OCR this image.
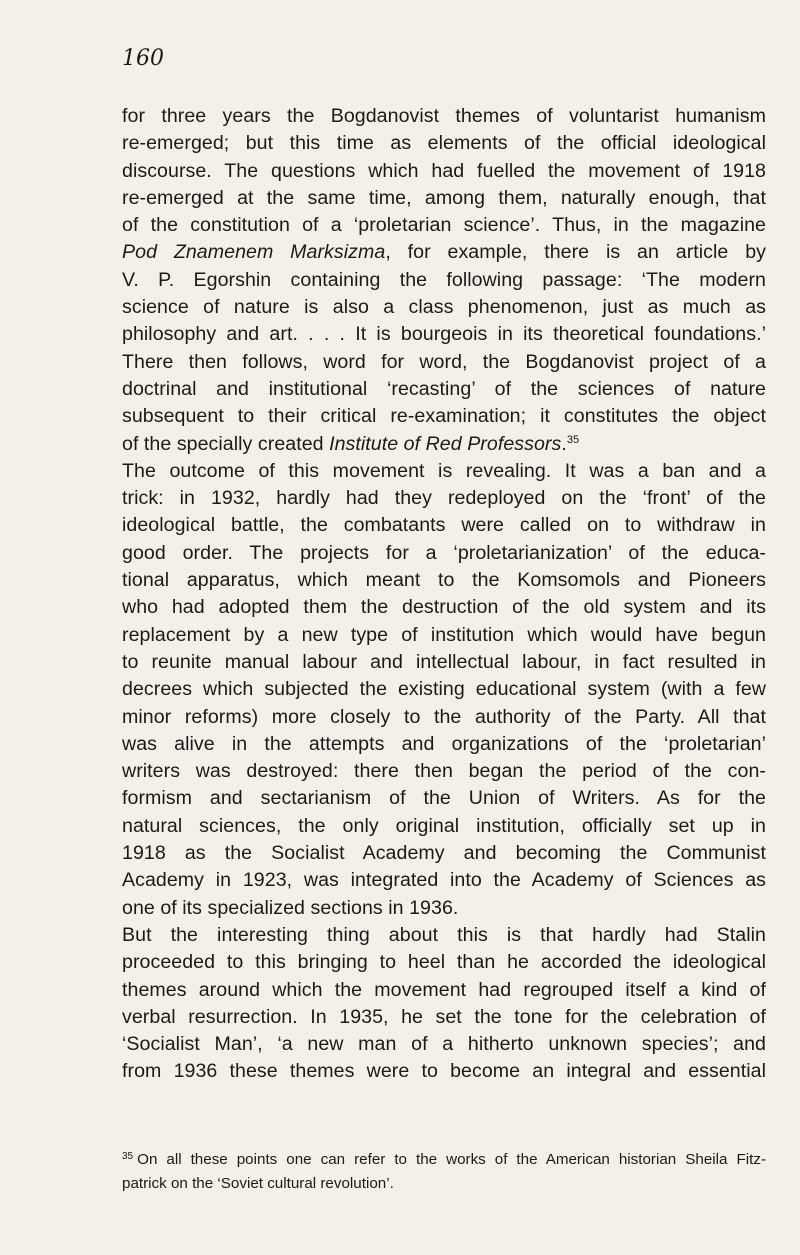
160
for three years the Bogdanovist themes of voluntarist humanism
re-emerged; but this time as elements of the official ideological
discourse. The questions which had fuelled the movement of 1918
re-emerged at the same time, among them, naturally enough, that
of the constitution of a ‘proletarian science’. Thus, in the magazine
Pod Znamenem Marksizma, for example, there is an article by
V. P. Egorshin containing the following passage: ‘The modern
science of nature is also a class phenomenon, just as much as
philosophy and art. . . . It is bourgeois in its theoretical foundations.’
There then follows, word for word, the Bogdanovist project of a
doctrinal and institutional ‘recasting’ of the sciences of nature
subsequent to their critical re-examination; it constitutes the object
of the specially created Institute of Red Professors.$^{35}$
The outcome of this movement is revealing. It was a ban and a
trick: in 1932, hardly had they redeployed on the ‘front’ of the
ideological battle, the combatants were called on to withdraw in
good order. The projects for a ‘proletarianization’ of the educa-
tional apparatus, which meant to the Komsomols and Pioneers
who had adopted them the destruction of the old system and its
replacement by a new type of institution which would have begun
to reunite manual labour and intellectual labour, in fact resulted in
decrees which subjected the existing educational system (with a few
minor reforms) more closely to the authority of the Party. All that
was alive in the attempts and organizations of the ‘proletarian’
writers was destroyed: there then began the period of the con-
formism and sectarianism of the Union of Writers. As for the
natural sciences, the only original institution, officially set up in
1918 as the Socialist Academy and becoming the Communist
Academy in 1923, was integrated into the Academy of Sciences as
one of its specialized sections in 1936.
But the interesting thing about this is that hardly had Stalin
proceeded to this bringing to heel than he accorded the ideological
themes around which the movement had regrouped itself a kind of
verbal resurrection. In 1935, he set the tone for the celebration of
‘Socialist Man’, ‘a new man of a hitherto unknown species’; and
from 1936 these themes were to become an integral and essential
$^{35}$ On all these points one can refer to the works of the American historian Sheila Fitz-
patrick on the ‘Soviet cultural revolution’.
